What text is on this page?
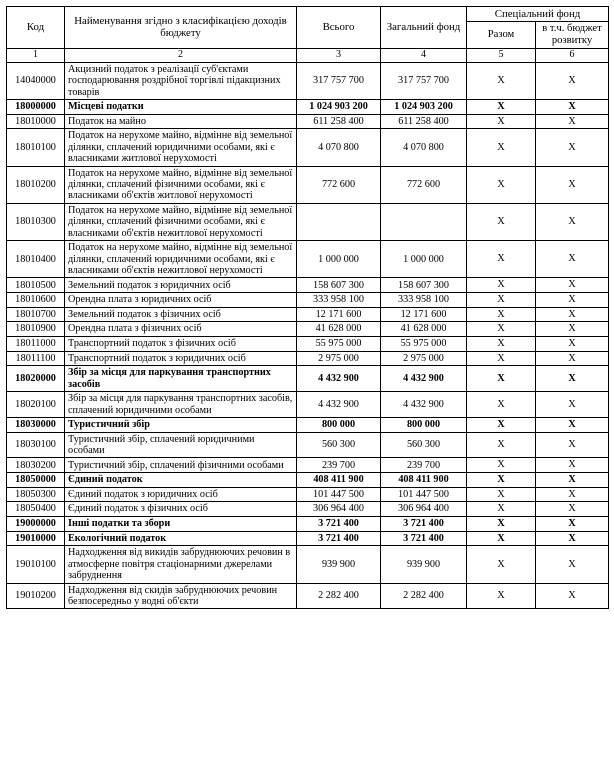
Код	Найменування згідно з класифікацією доходів бюджету	Всього	Загальний фонд	Спеціальний фонд	
				Разом	в т.ч. бюджет розвитку
1	2	3	4	5	6
14040000	Акцизний податок з реалізації суб'єктами господарювання роздрібної торгівлі підакцизних товарів	317 757 700	317 757 700	X	X
18000000	Місцеві податки	1 024 903 200	1 024 903 200	X	X
18010000	Податок на майно	611 258 400	611 258 400	X	X
18010100	Податок на нерухоме майно, відмінне від земельної ділянки, сплачений юридичними особами, які є власниками житлової нерухомості	4 070 800	4 070 800	X	X
18010200	Податок на нерухоме майно, відмінне від земельної ділянки, сплачений фізичними особами, які є власниками об'єктів житлової нерухомості	772 600	772 600	X	X
18010300	Податок на нерухоме майно, відмінне від земельної ділянки, сплачений фізичними особами, які є власниками об'єктів нежитлової нерухомості			X	X
18010400	Податок на нерухоме майно, відмінне від земельної ділянки, сплачений юридичними особами, які є власниками об'єктів нежитлової нерухомості	1 000 000	1 000 000	X	X
18010500	Земельний податок з юридичних осіб	158 607 300	158 607 300	X	X
18010600	Орендна плата з юридичних осіб	333 958 100	333 958 100	X	X
18010700	Земельний податок з фізичних осіб	12 171 600	12 171 600	X	X
18010900	Орендна плата з фізичних осіб	41 628 000	41 628 000	X	X
18011000	Транспортний податок з фізичних осіб	55 975 000	55 975 000	X	X
18011100	Транспортний податок з юридичних осіб	2 975 000	2 975 000	X	X
18020000	Збір за місця для паркування транспортних засобів	4 432 900	4 432 900	X	X
18020100	Збір за місця для паркування транспортних засобів, сплачений юридичними особами	4 432 900	4 432 900	X	X
18030000	Туристичний збір	800 000	800 000	X	X
18030100	Туристичний збір, сплачений юридичними особами	560 300	560 300	X	X
18030200	Туристичний збір, сплачений фізичними особами	239 700	239 700	X	X
18050000	Єдиний податок	408 411 900	408 411 900	X	X
18050300	Єдиний податок з юридичних осіб	101 447 500	101 447 500	X	X
18050400	Єдиний податок з фізичних осіб	306 964 400	306 964 400	X	X
19000000	Інші податки та збори	3 721 400	3 721 400	X	X
19010000	Екологічний податок	3 721 400	3 721 400	X	X
19010100	Надходження від викидів забруднюючих речовин в атмосферне повітря стаціонарними джерелами забруднення	939 900	939 900	X	X
19010200	Надходження від скидів забруднюючих речовин безпосередньо у водні об'єкти	2 282 400	2 282 400	X	X
